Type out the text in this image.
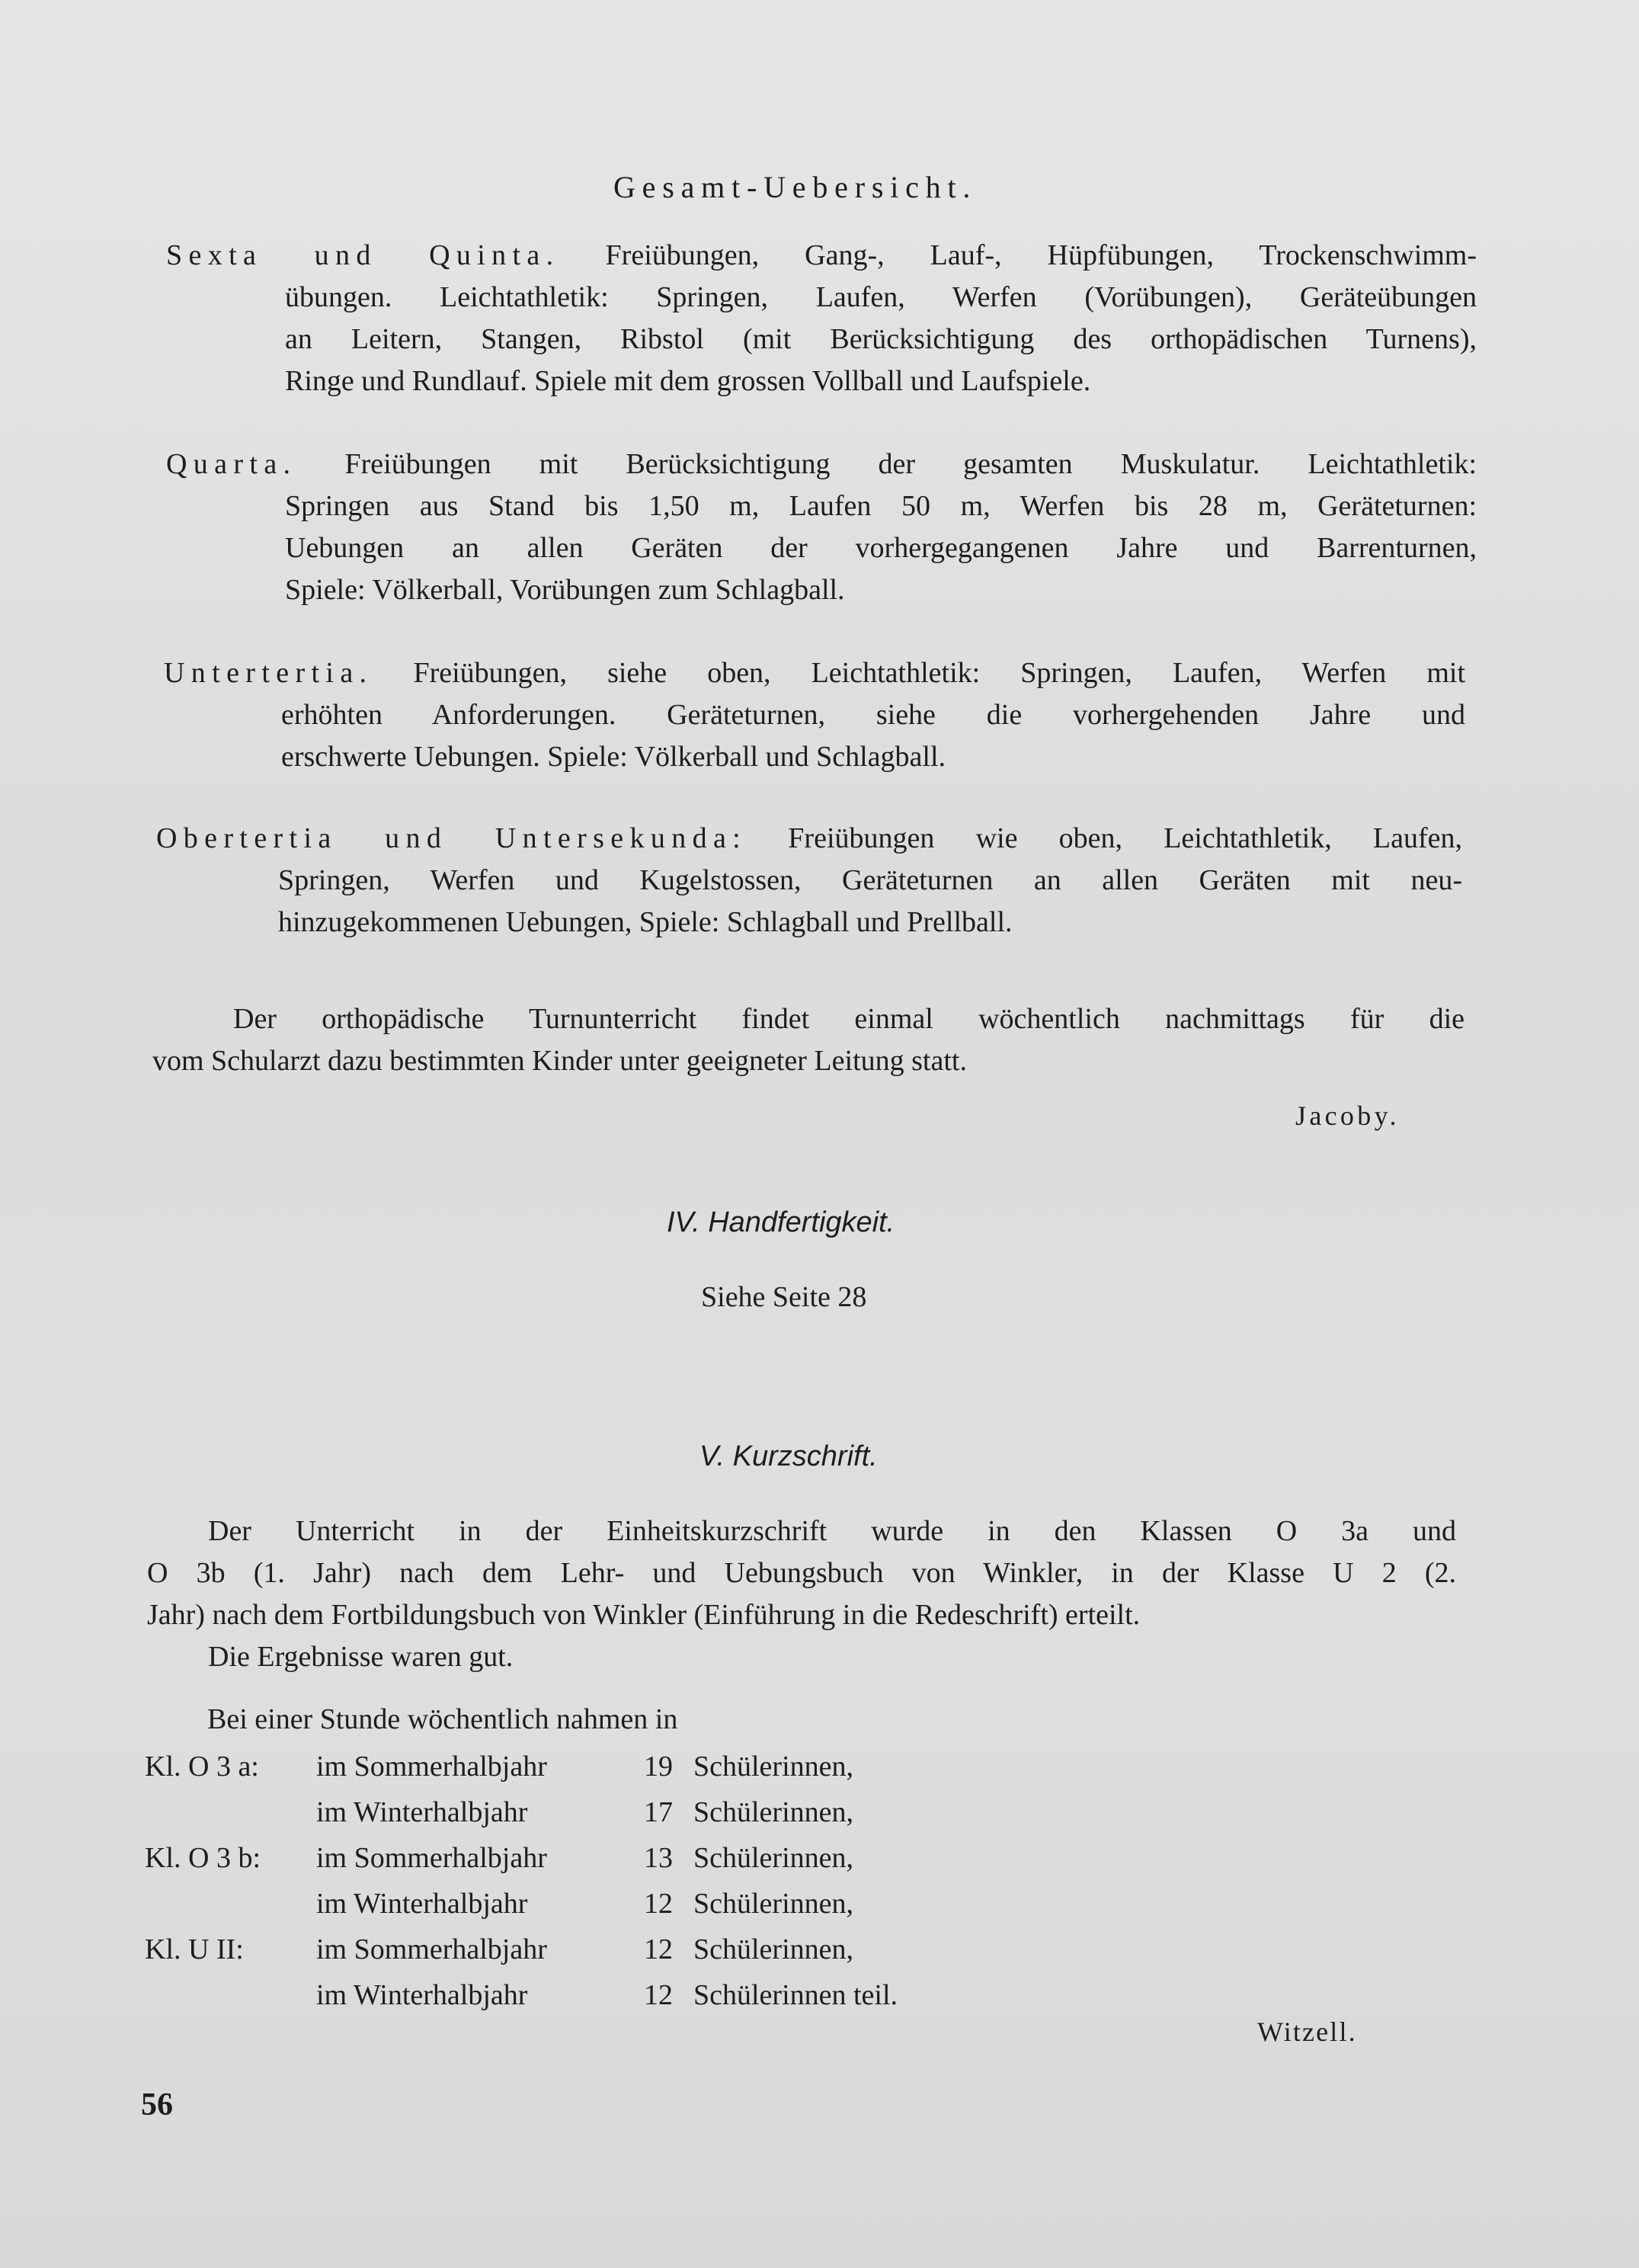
Gesamt-Uebersicht.
Sexta und Quinta. Freiübungen, Gang-, Lauf-, Hüpfübungen, Trockenschwimm-
übungen. Leichtathletik: Springen, Laufen, Werfen (Vorübungen), Geräteübungen
an Leitern, Stangen, Ribstol (mit Berücksichtigung des orthopädischen Turnens),
Ringe und Rundlauf. Spiele mit dem grossen Vollball und Laufspiele.
Quarta. Freiübungen mit Berücksichtigung der gesamten Muskulatur. Leichtathletik:
Springen aus Stand bis 1,50 m, Laufen 50 m, Werfen bis 28 m, Geräteturnen:
Uebungen an allen Geräten der vorhergegangenen Jahre und Barrenturnen,
Spiele: Völkerball, Vorübungen zum Schlagball.
Untertertia. Freiübungen, siehe oben, Leichtathletik: Springen, Laufen, Werfen mit
erhöhten Anforderungen. Geräteturnen, siehe die vorhergehenden Jahre und
erschwerte Uebungen. Spiele: Völkerball und Schlagball.
Obertertia und Untersekunda: Freiübungen wie oben, Leichtathletik, Laufen,
Springen, Werfen und Kugelstossen, Geräteturnen an allen Geräten mit neu-
hinzugekommenen Uebungen, Spiele: Schlagball und Prellball.
Der orthopädische Turnunterricht findet einmal wöchentlich nachmittags für die
vom Schularzt dazu bestimmten Kinder unter geeigneter Leitung statt.
Jacoby.
IV. Handfertigkeit.
Siehe Seite 28
V. Kurzschrift.
Der Unterricht in der Einheitskurzschrift wurde in den Klassen O 3a und
O 3b (1. Jahr) nach dem Lehr- und Uebungsbuch von Winkler, in der Klasse U 2 (2.
Jahr) nach dem Fortbildungsbuch von Winkler (Einführung in die Redeschrift) erteilt.
Die Ergebnisse waren gut.
Bei einer Stunde wöchentlich nahmen in
Kl. O 3 a:	im Sommerhalbjahr	19	Schülerinnen,
	im Winterhalbjahr	17	Schülerinnen,
Kl. O 3 b:	im Sommerhalbjahr	13	Schülerinnen,
	im Winterhalbjahr	12	Schülerinnen,
Kl. U II:	im Sommerhalbjahr	12	Schülerinnen,
	im Winterhalbjahr	12	Schülerinnen teil.
Witzell.
56
